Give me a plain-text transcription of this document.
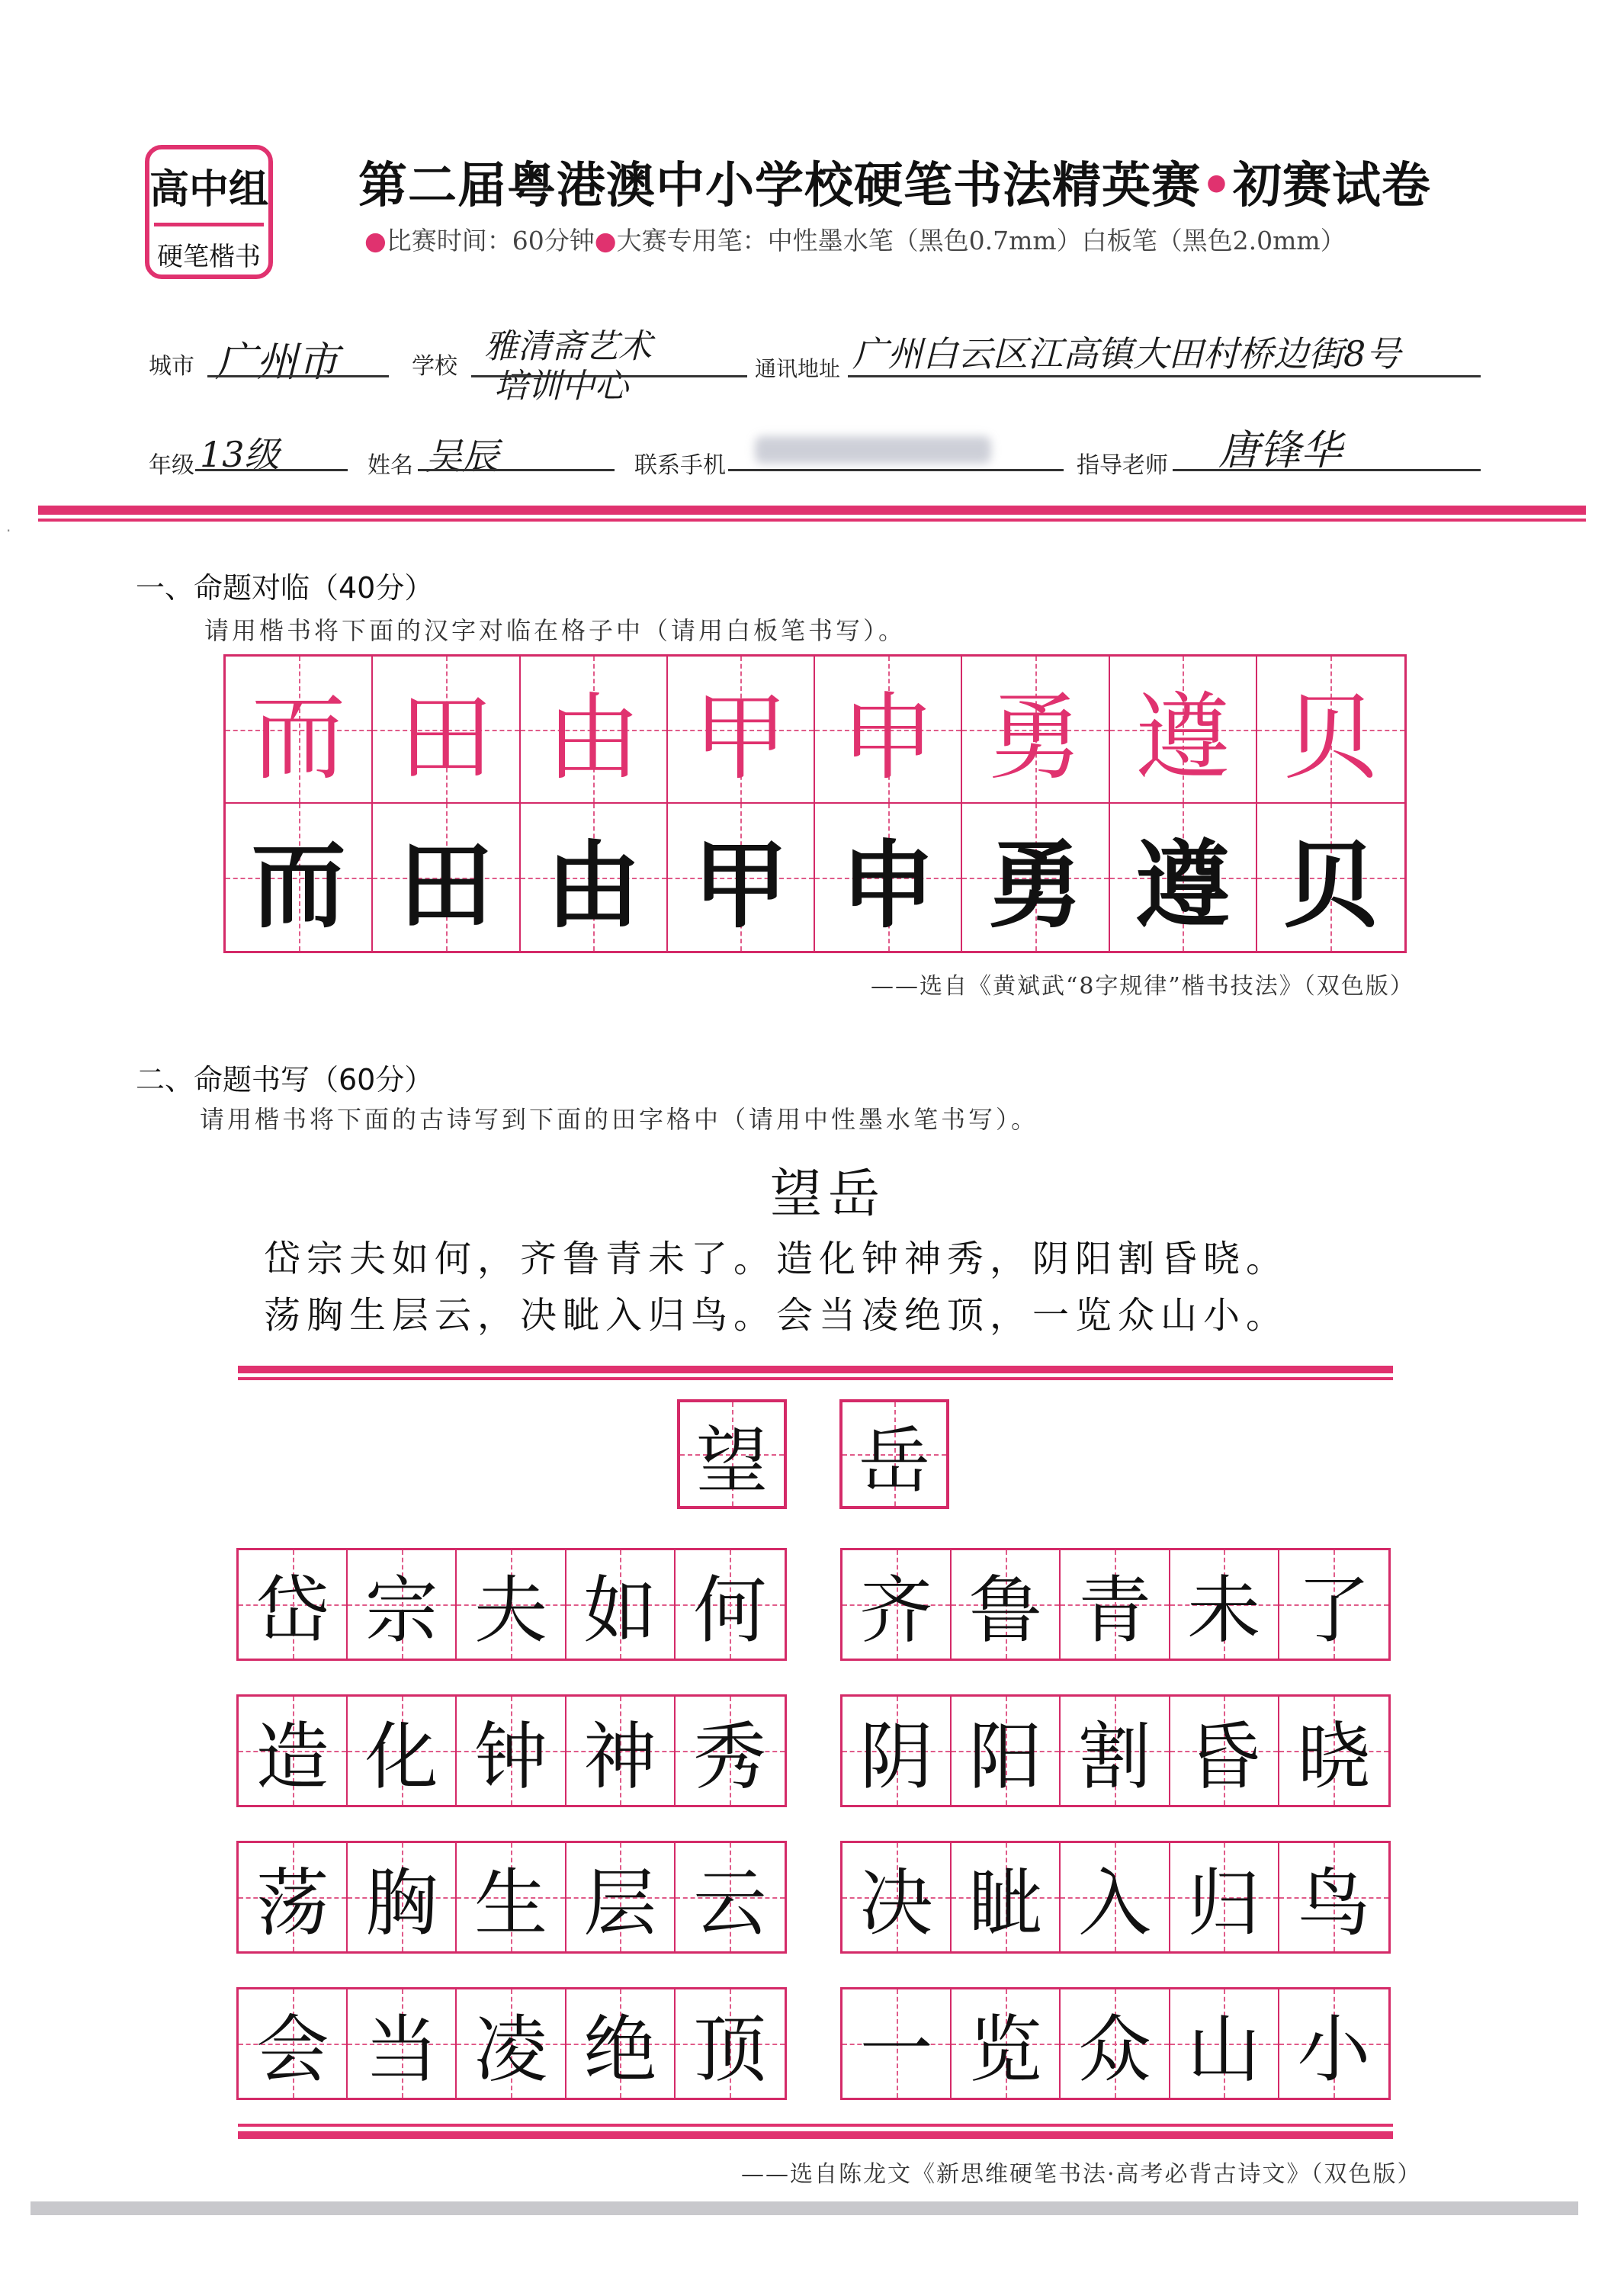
高中组
硬笔楷书
第二届粤港澳中小学校硬笔书法精英赛•初赛试卷
●比赛时间：60分钟●大赛专用笔：中性墨水笔（黑色0.7mm）白板笔（黑色2.0mm）
城市 广州市	学校
雅清斋艺术
培训中心	通讯地址 广州白云区江高镇大田村桥边街8号
年级 13级	姓名 吴辰	联系手机	指导老师 唐锋华
·
一、命题对临（40分）
请用楷书将下面的汉字对临在格子中（请用白板笔书写）。
而 田 由 甲 申 勇 遵 贝
而 田 由 甲 申 勇 遵 贝
——选自《黄斌武“8字规律”楷书技法》（双色版）
二、命题书写（60分）
请用楷书将下面的古诗写到下面的田字格中（请用中性墨水笔书写）。
望岳
岱宗夫如何，齐鲁青未了。造化钟神秀，阴阳割昏晓。
荡胸生层云，决眦入归鸟。会当凌绝顶，一览众山小。
望 岳
岱 宗 夫 如 何 齐 鲁 青 未 了
造 化 钟 神 秀 阴 阳 割 昏 晓
荡 胸 生 层 云 决 眦 入 归 鸟
会 当 凌 绝 顶 一 览 众 山 小
——选自陈龙文《新思维硬笔书法·高考必背古诗文》（双色版）
